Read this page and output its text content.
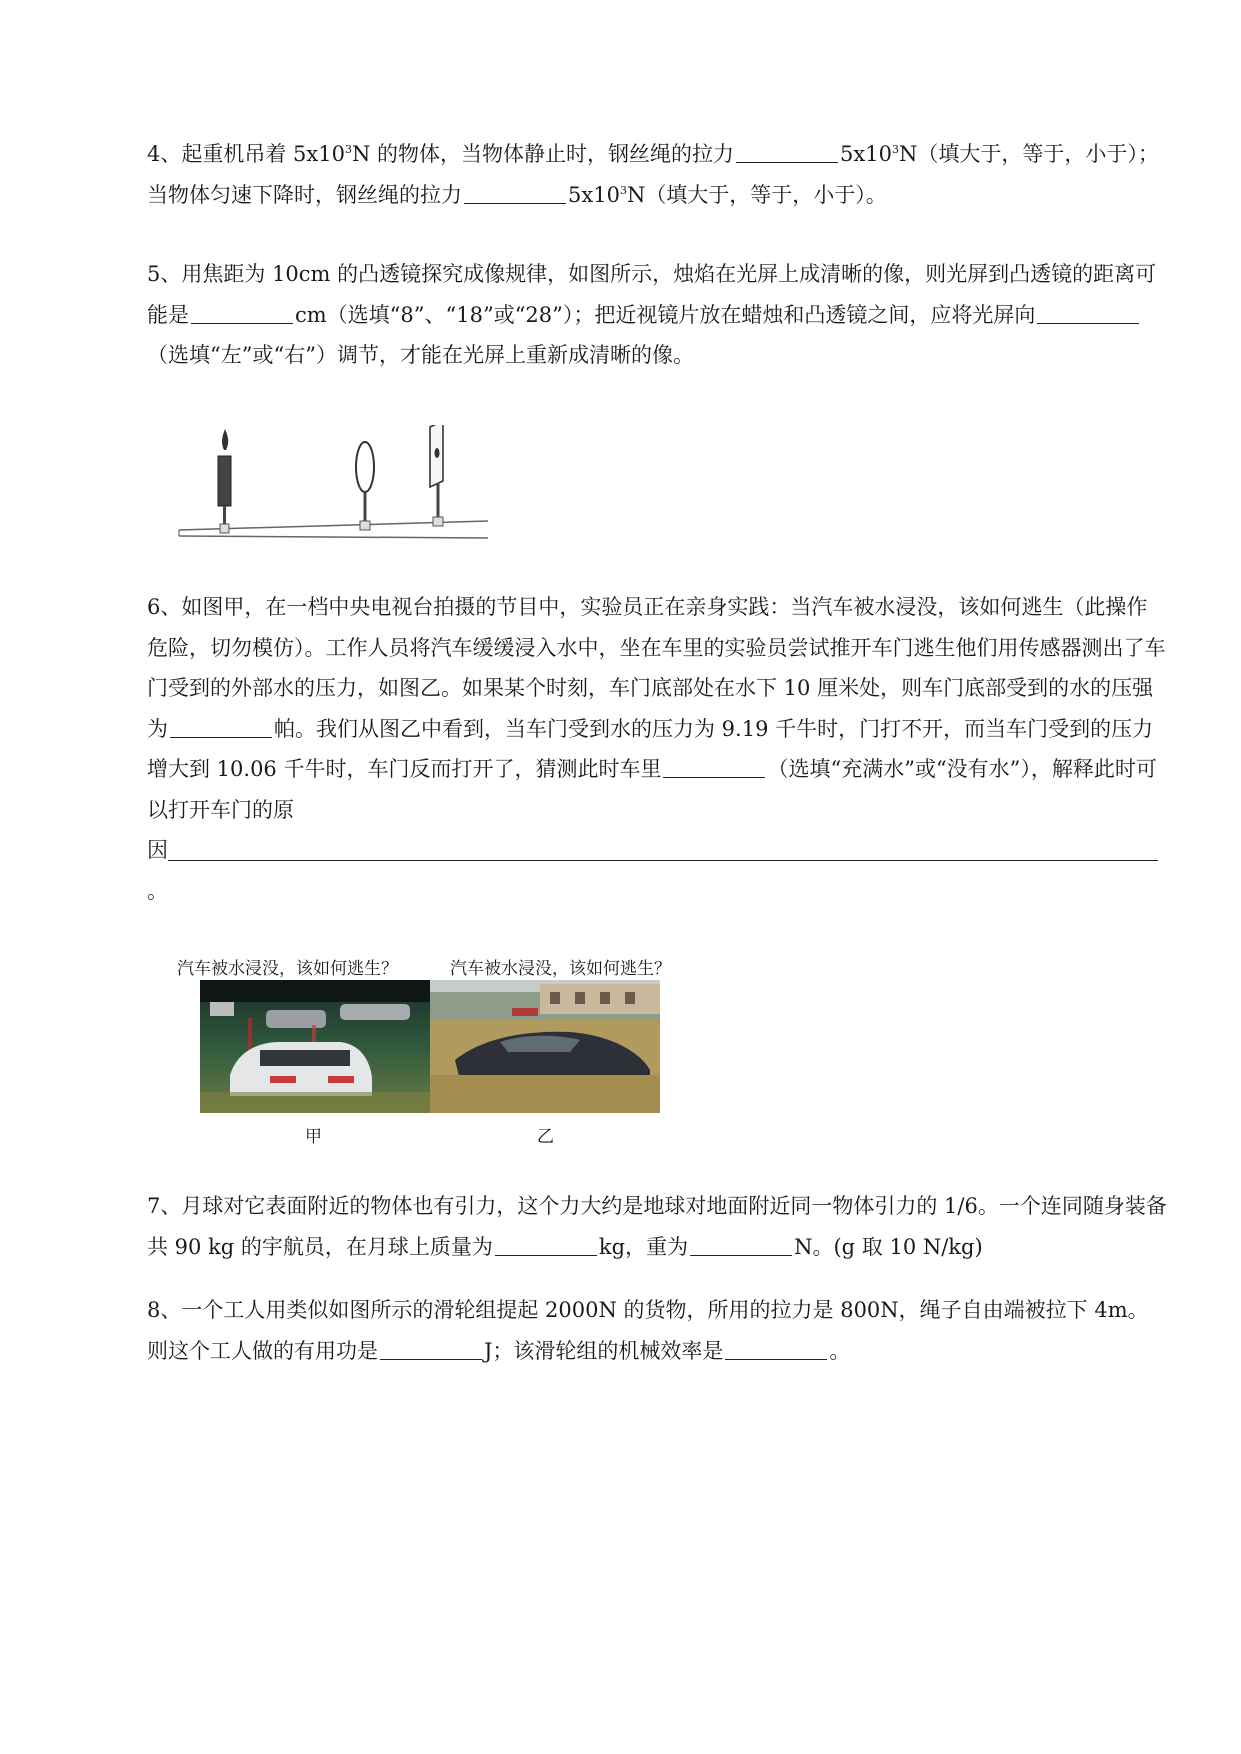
4、起重机吊着 $5x10^3N$ 的物体，当物体静止时，钢丝绳的拉力	$5x10^3N$（填大于，等于，小于）；当物体匀速下降时，钢丝绳的拉力	$5x10^3N$（填大于，等于，小于）。
5、用焦距为 10cm 的凸透镜探究成像规律，如图所示，烛焰在光屏上成清晰的像，则光屏到凸透镜的距离可能是	cm（选填“8”、“18”或“28”）；把近视镜片放在蜡烛和凸透镜之间，应将光屏向（选填“左”或“右”）调节，才能在光屏上重新成清晰的像。
6、如图甲，在一档中央电视台拍摄的节目中，实验员正在亲身实践：当汽车被水浸没，该如何逃生（此操作危险，切勿模仿）。工作人员将汽车缓缓浸入水中，坐在车里的实验员尝试推开车门逃生他们用传感器测出了车门受到的外部水的压力，如图乙。如果某个时刻，车门底部处在水下 10 厘米处，则车门底部受到的水的压强为	帕。我们从图乙中看到，当车门受到水的压力为 9.19 千牛时，门打不开，而当车门受到的压力增大到 10.06 千牛时，车门反而打开了，猜测此时车里	（选填“充满水”或“没有水”），解释此时可以打开车门的原
因
。
汽车被水浸没，该如何逃生？	汽车被水浸没，该如何逃生？
甲	乙
7、月球对它表面附近的物体也有引力，这个力大约是地球对地面附近同一物体引力的 1/6。一个连同随身装备共 90 kg 的宇航员，在月球上质量为	kg，重为	N。(g 取 10 N/kg)
8、一个工人用类似如图所示的滑轮组提起 2000N 的货物，所用的拉力是 800N，绳子自由端被拉下 4m。则这个工人做的有用功是	J；该滑轮组的机械效率是	。
